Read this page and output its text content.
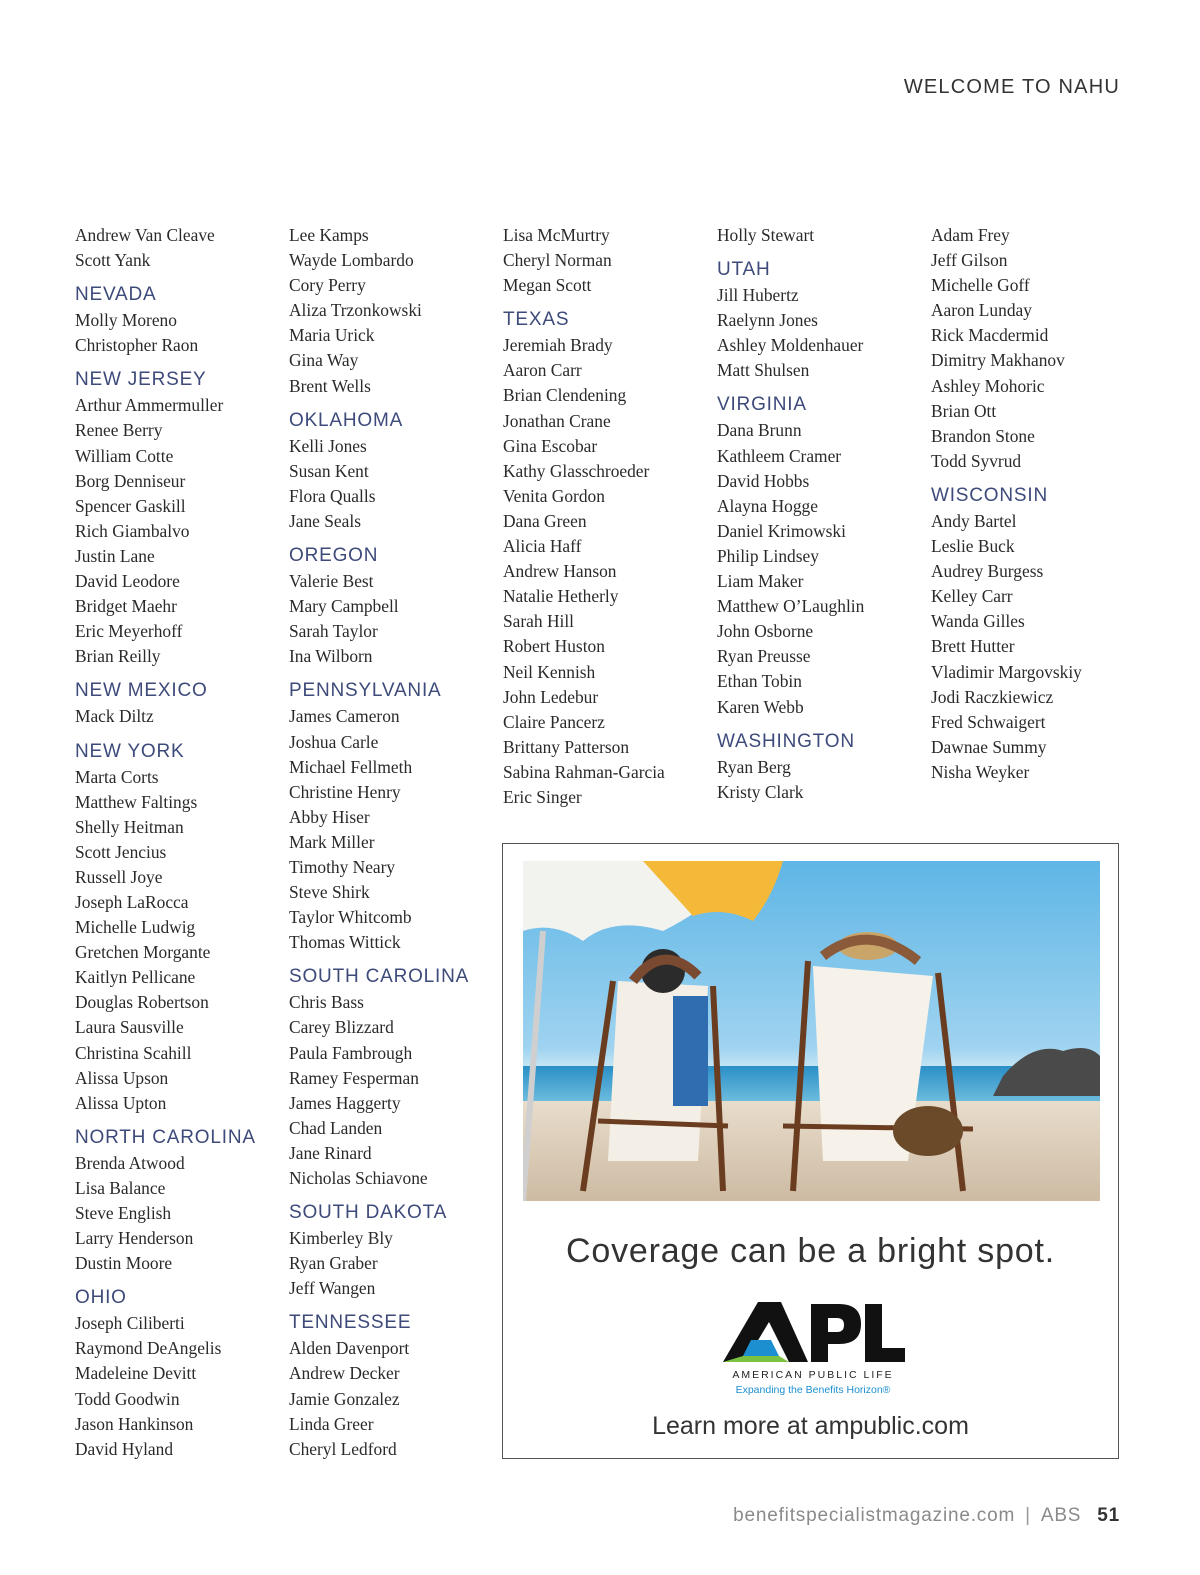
WELCOME TO NAHU
Andrew Van Cleave
Scott Yank
NEVADA
Molly Moreno
Christopher Raon
NEW JERSEY
Arthur Ammermuller
Renee Berry
William Cotte
Borg Denniseur
Spencer Gaskill
Rich Giambalvo
Justin Lane
David Leodore
Bridget Maehr
Eric Meyerhoff
Brian Reilly
NEW MEXICO
Mack Diltz
NEW YORK
Marta Corts
Matthew Faltings
Shelly Heitman
Scott Jencius
Russell Joye
Joseph LaRocca
Michelle Ludwig
Gretchen Morgante
Kaitlyn Pellicane
Douglas Robertson
Laura Sausville
Christina Scahill
Alissa Upson
Alissa Upton
NORTH CAROLINA
Brenda Atwood
Lisa Balance
Steve English
Larry Henderson
Dustin Moore
OHIO
Joseph Ciliberti
Raymond DeAngelis
Madeleine Devitt
Todd Goodwin
Jason Hankinson
David Hyland
Lee Kamps
Wayde Lombardo
Cory Perry
Aliza Trzonkowski
Maria Urick
Gina Way
Brent Wells
OKLAHOMA
Kelli Jones
Susan Kent
Flora Qualls
Jane Seals
OREGON
Valerie Best
Mary Campbell
Sarah Taylor
Ina Wilborn
PENNSYLVANIA
James Cameron
Joshua Carle
Michael Fellmeth
Christine Henry
Abby Hiser
Mark Miller
Timothy Neary
Steve Shirk
Taylor Whitcomb
Thomas Wittick
SOUTH CAROLINA
Chris Bass
Carey Blizzard
Paula Fambrough
Ramey Fesperman
James Haggerty
Chad Landen
Jane Rinard
Nicholas Schiavone
SOUTH DAKOTA
Kimberley Bly
Ryan Graber
Jeff Wangen
TENNESSEE
Alden Davenport
Andrew Decker
Jamie Gonzalez
Linda Greer
Cheryl Ledford
Lisa McMurtry
Cheryl Norman
Megan Scott
TEXAS
Jeremiah Brady
Aaron Carr
Brian Clendening
Jonathan Crane
Gina Escobar
Kathy Glasschroeder
Venita Gordon
Dana Green
Alicia Haff
Andrew Hanson
Natalie Hetherly
Sarah Hill
Robert Huston
Neil Kennish
John Ledebur
Claire Pancerz
Brittany Patterson
Sabina Rahman-Garcia
Eric Singer
Holly Stewart
UTAH
Jill Hubertz
Raelynn Jones
Ashley Moldenhauer
Matt Shulsen
VIRGINIA
Dana Brunn
Kathleem Cramer
David Hobbs
Alayna Hogge
Daniel Krimowski
Philip Lindsey
Liam Maker
Matthew O’Laughlin
John Osborne
Ryan Preusse
Ethan Tobin
Karen Webb
WASHINGTON
Ryan Berg
Kristy Clark
Adam Frey
Jeff Gilson
Michelle Goff
Aaron Lunday
Rick Macdermid
Dimitry Makhanov
Ashley Mohoric
Brian Ott
Brandon Stone
Todd Syvrud
WISCONSIN
Andy Bartel
Leslie Buck
Audrey Burgess
Kelley Carr
Wanda Gilles
Brett Hutter
Vladimir Margovskiy
Jodi Raczkiewicz
Fred Schwaigert
Dawnae Summy
Nisha Weyker
Coverage can be a bright spot.
AMERICAN PUBLIC LIFE
Expanding the Benefits Horizon®
Learn more at ampublic.com
benefitspecialistmagazine.com | ABS 51
